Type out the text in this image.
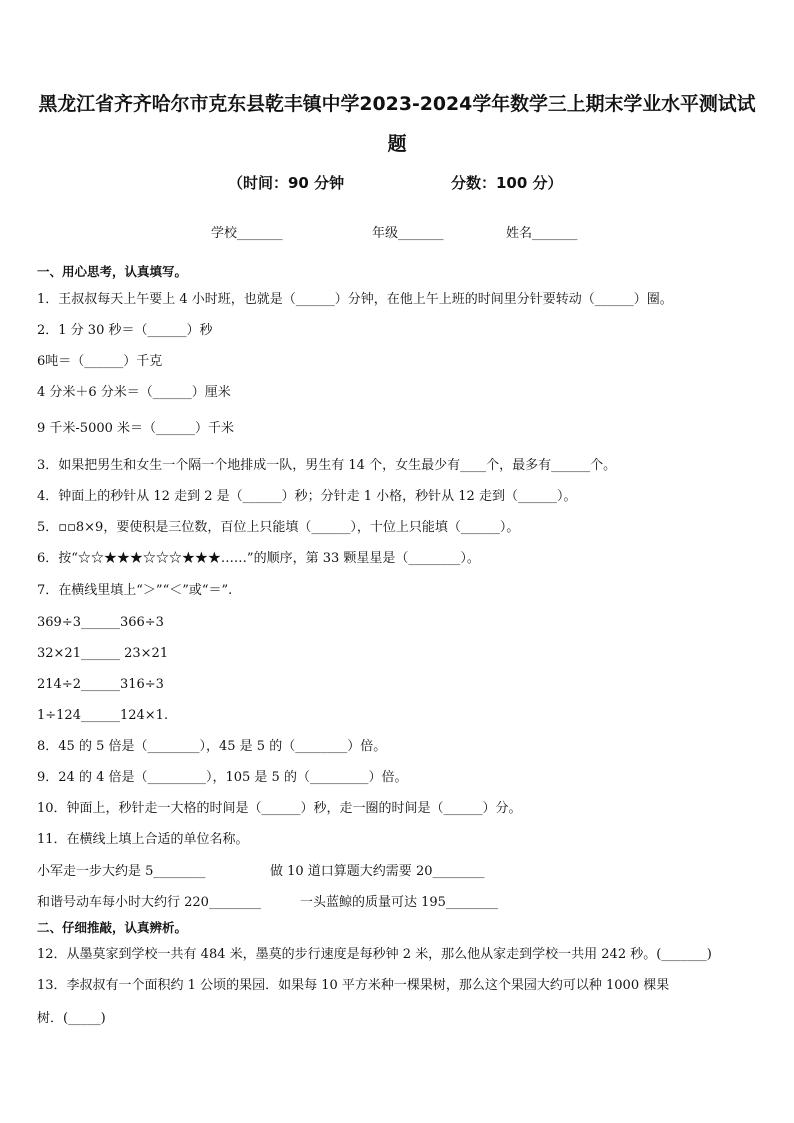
黑龙江省齐齐哈尔市克东县乾丰镇中学2023-2024学年数学三上期末学业水平测试试
题
（时间：90 分钟	分数：100 分）
学校_______	年级_______	姓名_______
一、用心思考，认真填写。
1．王叔叔每天上午要上 4 小时班，也就是（______）分钟，在他上午上班的时间里分针要转动（______）圈。
2．1 分 30 秒＝（______）秒
6吨＝（______）千克
4 分米＋6 分米＝（______）厘米
9 千米-5000 米＝（______）千米
3．如果把男生和女生一个隔一个地排成一队，男生有 14 个，女生最少有____个，最多有______个。
4．钟面上的秒针从 12 走到 2 是（______）秒；分针走 1 小格，秒针从 12 走到（______）。
5．▫▫8×9，要使积是三位数，百位上只能填（______），十位上只能填（______）。
6．按“☆☆★★★☆☆☆★★★……”的顺序，第 33 颗星星是（________）。
7．在横线里填上“＞”“＜”或“＝”.
369÷3______366÷3
32×21______ 23×21
214÷2______316÷3
1÷124______124×1.
8．45 的 5 倍是（________），45 是 5 的（________）倍。
9．24 的 4 倍是（_________），105 是 5 的（_________）倍。
10．钟面上，秒针走一大格的时间是（______）秒，走一圈的时间是（______）分。
11．在横线上填上合适的单位名称。
小军走一步大约是 5________	做 10 道口算题大约需要 20________
和谐号动车每小时大约行 220________	一头蓝鲸的质量可达 195________
二、仔细推敲，认真辨析。
12．从墨莫家到学校一共有 484 米，墨莫的步行速度是每秒钟 2 米，那么他从家走到学校一共用 242 秒。(_______)
13．李叔叔有一个面积约 1 公顷的果园．如果每 10 平方米种一棵果树，那么这个果园大约可以种 1000 棵果
树．(_____)
